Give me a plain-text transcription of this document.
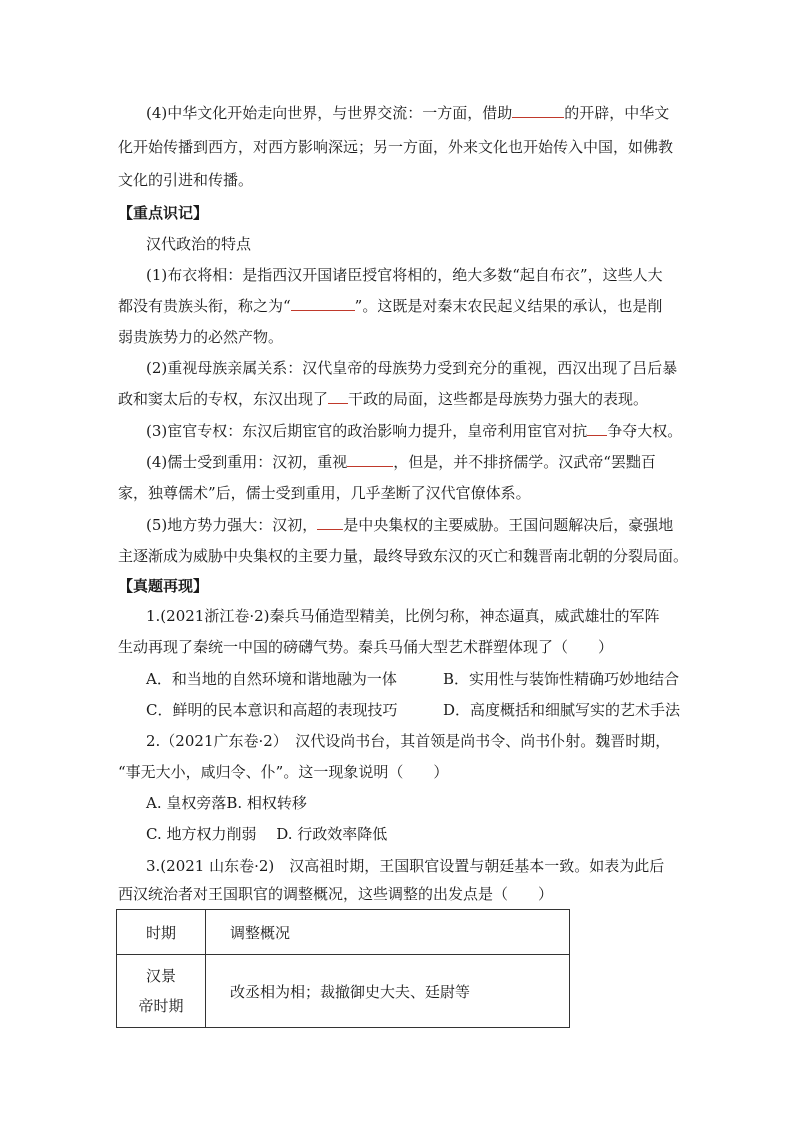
(4)中华文化开始走向世界，与世界交流：一方面，借助	的开辟，中华文
化开始传播到西方，对西方影响深远；另一方面，外来文化也开始传入中国，如佛教
文化的引进和传播。
【重点识记】
汉代政治的特点
(1)布衣将相：是指西汉开国诸臣授官将相的，绝大多数“起自布衣”，这些人大
都没有贵族头衔，称之为“	”。这既是对秦末农民起义结果的承认，也是削
弱贵族势力的必然产物。
(2)重视母族亲属关系：汉代皇帝的母族势力受到充分的重视，西汉出现了吕后暴
政和窦太后的专权，东汉出现了 干政的局面，这些都是母族势力强大的表现。
(3)宦官专权：东汉后期宦官的政治影响力提升，皇帝利用宦官对抗 争夺大权。
(4)儒士受到重用：汉初，重视	，但是，并不排挤儒学。汉武帝“罢黜百
家，独尊儒术”后，儒士受到重用，几乎垄断了汉代官僚体系。
(5)地方势力强大：汉初， 是中央集权的主要威胁。王国问题解决后，豪强地
主逐渐成为威胁中央集权的主要力量，最终导致东汉的灭亡和魏晋南北朝的分裂局面。
【真题再现】
1.(2021浙江卷·2)秦兵马俑造型精美，比例匀称，神态逼真，威武雄壮的军阵
生动再现了秦统一中国的磅礴气势。秦兵马俑大型艺术群塑体现了（　　）
A．和当地的自然环境和谐地融为一体	B．实用性与装饰性精确巧妙地结合
C．鲜明的民本意识和高超的表现技巧	D．高度概括和细腻写实的艺术手法
2.（2021广东卷·2）　汉代设尚书台，其首领是尚书令、尚书仆射。魏晋时期，
“事无大小，咸归令、仆”。这一现象说明（　　）
A. 皇权旁落B. 相权转移
C. 地方权力削弱　 D. 行政效率降低
3.(2021 山东卷·2)　汉高祖时期，王国职官设置与朝廷基本一致。如表为此后
西汉统治者对王国职官的调整概况，这些调整的出发点是（　　）
时期	调整概况

汉景
帝时期	改丞相为相；裁撤御史大夫、廷尉等
